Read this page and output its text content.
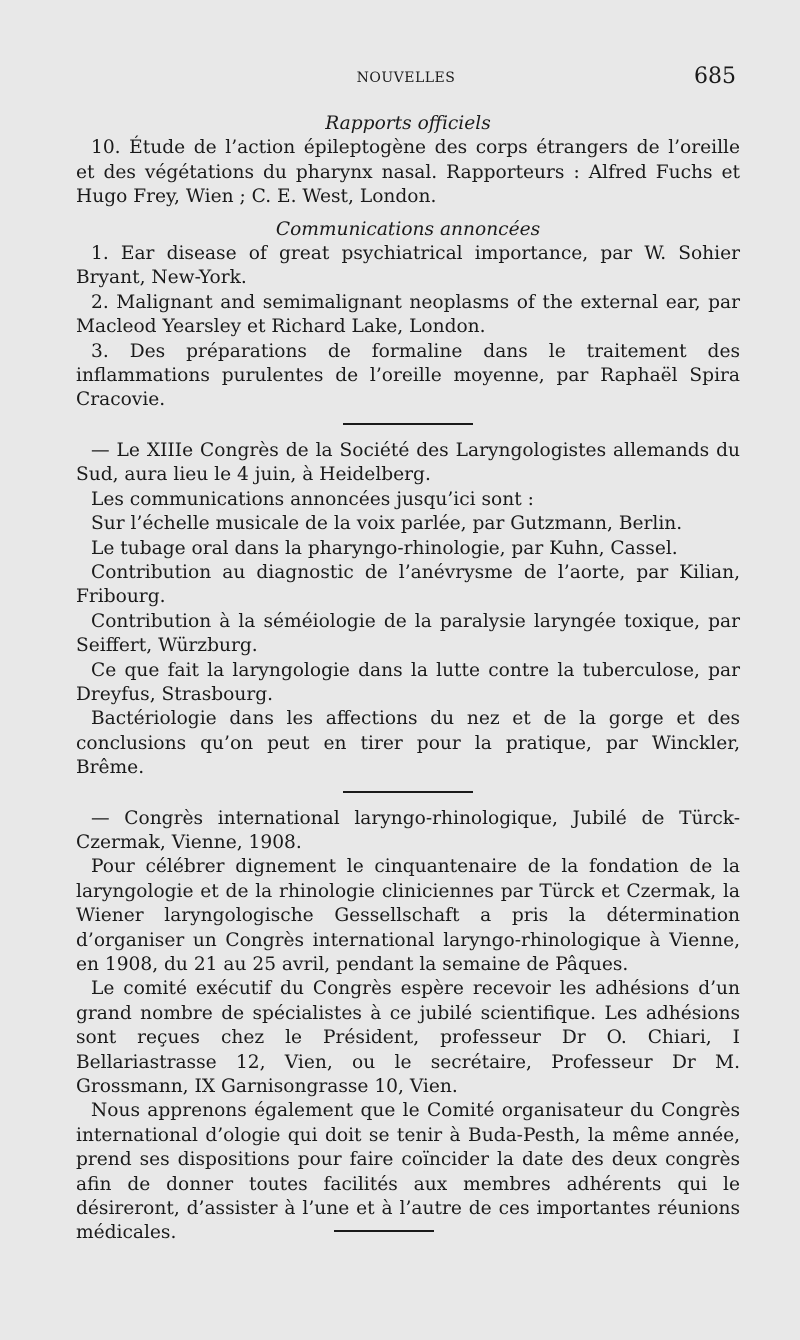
NOUVELLES	685

Rapports officiels

10. Étude de l’action épileptogène des corps étrangers de l’oreille et des végétations du pharynx nasal. Rapporteurs : Alfred Fuchs et Hugo Frey, Wien ; C. E. West, London.

Communications annoncées

1. Ear disease of great psychiatrical importance, par W. Sohier Bryant, New-York.

2. Malignant and semimalignant neoplasms of the external ear, par Macleod Yearsley et Richard Lake, London.

3. Des préparations de formaline dans le traitement des inflammations purulentes de l’oreille moyenne, par Raphaël Spira Cracovie.

— Le XIIIe Congrès de la Société des Laryngologistes allemands du Sud, aura lieu le 4 juin, à Heidelberg.

Les communications annoncées jusqu’ici sont :

Sur l’échelle musicale de la voix parlée, par Gutzmann, Berlin.

Le tubage oral dans la pharyngo-rhinologie, par Kuhn, Cassel.

Contribution au diagnostic de l’anévrysme de l’aorte, par Kilian, Fribourg.

Contribution à la séméiologie de la paralysie laryngée toxique, par Seiffert, Würzburg.

Ce que fait la laryngologie dans la lutte contre la tuberculose, par Dreyfus, Strasbourg.

Bactériologie dans les affections du nez et de la gorge et des conclusions qu’on peut en tirer pour la pratique, par Winckler, Brême.

— Congrès international laryngo-rhinologique, Jubilé de Türck-Czermak, Vienne, 1908.

Pour célébrer dignement le cinquantenaire de la fondation de la laryngologie et de la rhinologie cliniciennes par Türck et Czermak, la Wiener laryngologische Gessellschaft a pris la détermination d’organiser un Congrès international laryngo-rhinologique à Vienne, en 1908, du 21 au 25 avril, pendant la semaine de Pâques.

Le comité exécutif du Congrès espère recevoir les adhésions d’un grand nombre de spécialistes à ce jubilé scientifique. Les adhésions sont reçues chez le Président, professeur Dr O. Chiari, I Bellariastrasse 12, Vien, ou le secrétaire, Professeur Dr M. Grossmann, IX Garnisongrasse 10, Vien.

Nous apprenons également que le Comité organisateur du Congrès international d’ologie qui doit se tenir à Buda-Pesth, la même année, prend ses dispositions pour faire coïncider la date des deux congrès afin de donner toutes facilités aux membres adhérents qui le désireront, d’assister à l’une et à l’autre de ces importantes réunions médicales.
